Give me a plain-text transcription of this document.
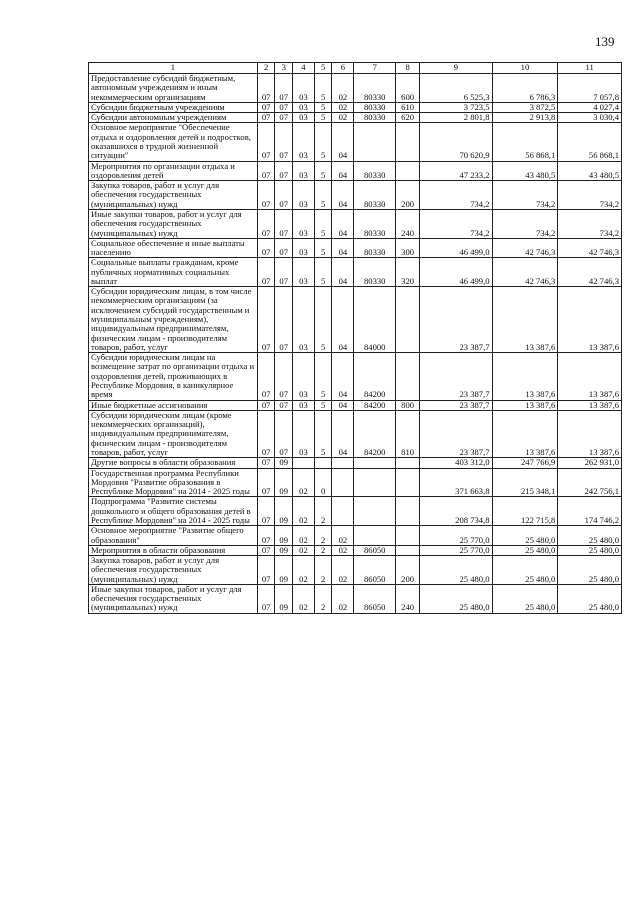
139
1	2	3	4	5	6	7	8	9	10	11
Предоставление субсидий бюджетным, автономным учреждениям и иным некоммерческим организациям	07	07	03	5	02	80330	600	6 525,3	6 786,3	7 057,8
Субсидии бюджетным учреждениям	07	07	03	5	02	80330	610	3 723,5	3 872,5	4 027,4
Субсидии автономным учреждениям	07	07	03	5	02	80330	620	2 801,8	2 913,8	3 030,4
Основное мероприятие "Обеспечение отдыха и оздоровления детей и подростков, оказавшихся в трудной жизненной ситуации"	07	07	03	5	04			70 620,9	56 868,1	56 868,1
Мероприятия по организации отдыха и оздоровления детей	07	07	03	5	04	80330		47 233,2	43 480,5	43 480,5
Закупка товаров, работ и услуг для обеспечения государственных (муниципальных) нужд	07	07	03	5	04	80330	200	734,2	734,2	734,2
Иные закупки товаров, работ и услуг для обеспечения государственных (муниципальных) нужд	07	07	03	5	04	80330	240	734,2	734,2	734,2
Социальное обеспечение и иные выплаты населению	07	07	03	5	04	80330	300	46 499,0	42 746,3	42 746,3
Социальные выплаты гражданам, кроме публичных нормативных социальных выплат	07	07	03	5	04	80330	320	46 499,0	42 746,3	42 746,3
Субсидии юридическим лицам, в том числе некоммерческим организациям (за исключением субсидий государственным и муниципальным учреждениям), индивидуальным предпринимателям, физическим лицам - производителям товаров, работ, услуг	07	07	03	5	04	84000		23 387,7	13 387,6	13 387,6
Субсидии юридическим лицам на возмещение затрат по организации отдыха и оздоровления детей, проживающих в Республике Мордовия, в каникулярное время	07	07	03	5	04	84200		23 387,7	13 387,6	13 387,6
Иные бюджетные ассигнования	07	07	03	5	04	84200	800	23 387,7	13 387,6	13 387,6
Субсидии юридическим лицам (кроме некоммерческих организаций), индивидуальным предпринимателям, физическим лицам - производителям товаров, работ, услуг	07	07	03	5	04	84200	810	23 387,7	13 387,6	13 387,6
Другие вопросы в области образования	07	09						403 312,0	247 766,9	262 931,0
Государственная программа Республики Мордовия "Развитие образования в Республике Мордовия" на 2014 - 2025 годы	07	09	02	0				371 663,8	215 348,1	242 756,1
Подпрограмма "Развитие системы дошкольного и общего образования детей в Республике Мордовия" на 2014 - 2025 годы	07	09	02	2				208 734,8	122 715,8	174 746,2
Основное мероприятие "Развитие общего образования"	07	09	02	2	02			25 770,0	25 480,0	25 480,0
Мероприятия в области образования	07	09	02	2	02	86050		25 770,0	25 480,0	25 480,0
Закупка товаров, работ и услуг для обеспечения государственных (муниципальных) нужд	07	09	02	2	02	86050	200	25 480,0	25 480,0	25 480,0
Иные закупки товаров, работ и услуг для обеспечения государственных (муниципальных) нужд	07	09	02	2	02	86050	240	25 480,0	25 480,0	25 480,0
